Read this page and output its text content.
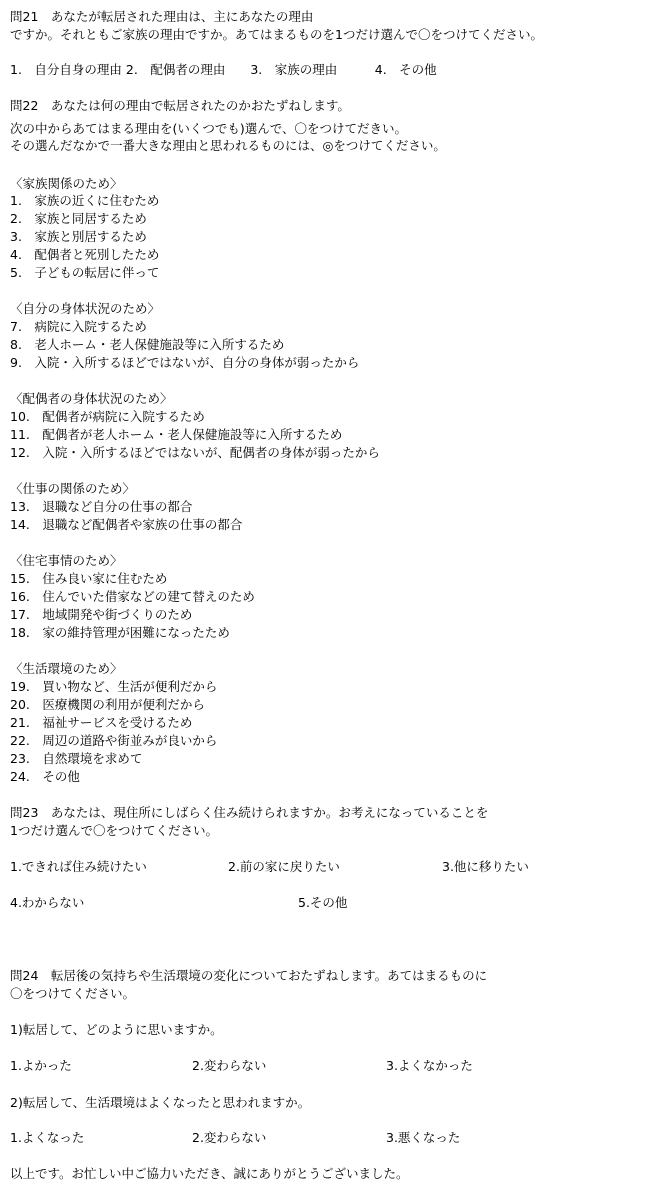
問21　あなたが転居された理由は、主にあなたの理由
ですか。それともご家族の理由ですか。あてはまるものを1つだけ選んで〇をつけてください。
1.　自分自身の理由 2.　配偶者の理由　　3.　家族の理由　　　4.　その他
問22　あなたは何の理由で転居されたのかおたずねします。
次の中からあてはまる理由を(いくつでも)選んで、〇をつけてだきい。
その選んだなかで一番大きな理由と思われるものには、◎をつけてください。
〈家族関係のため〉
1.　家族の近くに住むため
2.　家族と同居するため
3.　家族と別居するため
4.　配偶者と死別したため
5.　子どもの転居に伴って
〈自分の身体状況のため〉
7.　病院に入院するため
8.　老人ホーム・老人保健施設等に入所するため
9.　入院・入所するほどではないが、自分の身体が弱ったから
〈配偶者の身体状況のため〉
10.　配偶者が病院に入院するため
11.　配偶者が老人ホーム・老人保健施設等に入所するため
12.　入院・入所するほどではないが、配偶者の身体が弱ったから
〈仕事の関係のため〉
13.　退職など自分の仕事の都合
14.　退職など配偶者や家族の仕事の都合
〈住宅事情のため〉
15.　住み良い家に住むため
16.　住んでいた借家などの建て替えのため
17.　地域開発や街づくりのため
18.　家の維持管理が困難になったため
〈生活環境のため〉
19.　買い物など、生活が便利だから
20.　医療機関の利用が便利だから
21.　福祉サービスを受けるため
22.　周辺の道路や街並みが良いから
23.　自然環境を求めて
24.　その他
問23　あなたは、現住所にしばらく住み続けられますか。お考えになっていることを
1つだけ選んで〇をつけてください。
1.できれば住み続けたい	2.前の家に戻りたい	3.他に移りたい
4.わからない	5.その他
問24　転居後の気持ちや生活環境の変化についておたずねします。あてはまるものに
〇をつけてください。
1)転居して、どのように思いますか。
1.よかった	2.変わらない	3.よくなかった
2)転居して、生活環境はよくなったと思われますか。
1.よくなった	2.変わらない	3.悪くなった
以上です。お忙しい中ご協力いただき、誠にありがとうございました。
